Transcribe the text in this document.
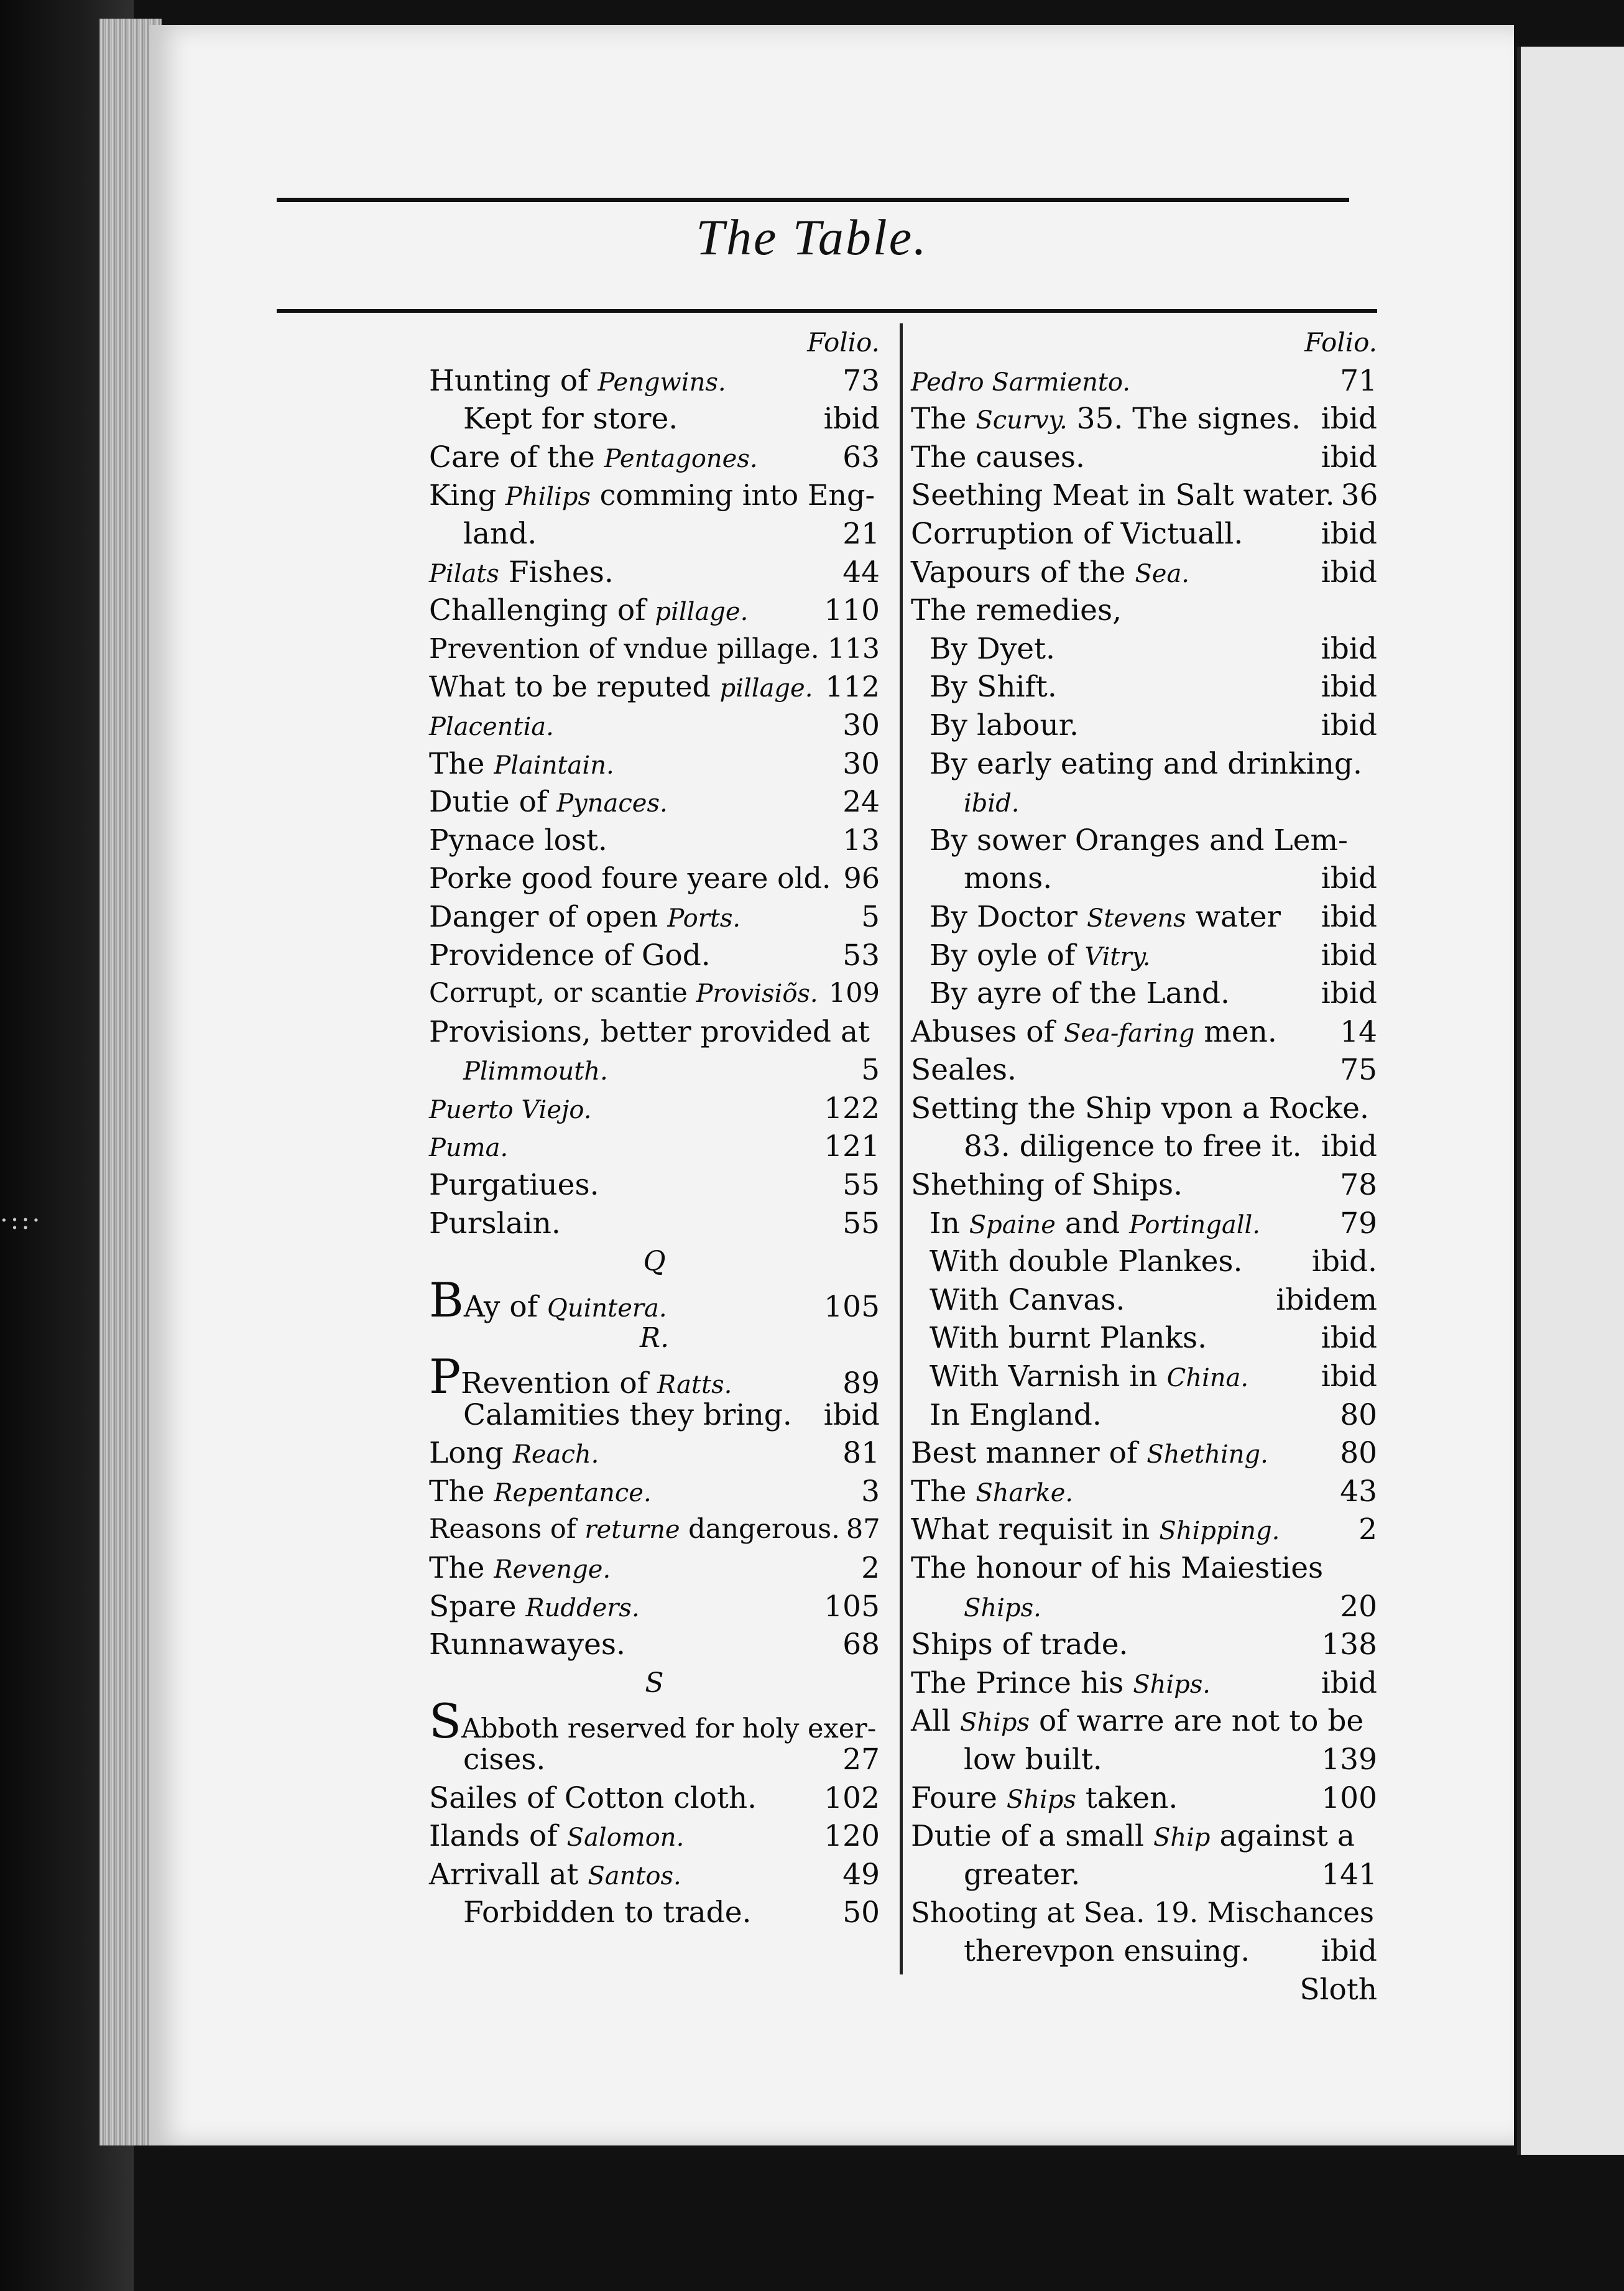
·::·
The Table.
Folio.
Hunting of Pengwins.	73
Kept for store.	ibid
Care of the Pentagones.	63
King Philips comming into Eng-
land.	21
Pilats Fishes.	44
Challenging of pillage.	110
Prevention of vndue pillage. 113
What to be reputed pillage. 112
Placentia.	30
The Plaintain.	30
Dutie of Pynaces.	24
Pynace lost.	13
Porke good foure yeare old. 96
Danger of open Ports.	5
Providence of God.	53
Corrupt, or scantie Provisiõs. 109
Provisions, better provided at
Plimmouth.	5
Puerto Viejo.	122
Puma.	121
Purgatiues.	55
Purslain.	55
Q
BAy of Quintera.	105
R.
PRevention of Ratts.	89
Calamities they bring. ibid
Long Reach.	81
The Repentance.	3
Reasons of returne dangerous. 87
The Revenge.	2
Spare Rudders.	105
Runnawayes.	68
S
SAbboth reserved for holy exer-
cises.	27
Sailes of Cotton cloth. 102
Ilands of Salomon.	120
Arrivall at Santos.	49
Forbidden to trade.	50
Folio.
Pedro Sarmiento.	71
The Scurvy. 35. The signes. ibid
The causes.	ibid
Seething Meat in Salt water. 36
Corruption of Victuall.	ibid
Vapours of the Sea.	ibid
The remedies,
By Dyet.	ibid
By Shift.	ibid
By labour.	ibid
By early eating and drinking.
ibid.
By sower Oranges and Lem-
mons.	ibid
By Doctor Stevens water ibid
By oyle of Vitry.	ibid
By ayre of the Land.	ibid
Abuses of Sea-faring men. 14
Seales.	75
Setting the Ship vpon a Rocke.
83. diligence to free it. ibid
Shething of Ships.	78
In Spaine and Portingall.	79
With double Plankes. ibid.
With Canvas.	ibidem
With burnt Planks.	ibid
With Varnish in China. ibid
In England.	80
Best manner of Shething. 80
The Sharke.	43
What requisit in Shipping.	2
The honour of his Maiesties
Ships.	20
Ships of trade.	138
The Prince his Ships.	ibid
All Ships of warre are not to be
low built.	139
Foure Ships taken.	100
Dutie of a small Ship against a
greater.	141
Shooting at Sea. 19. Mischances
therevpon ensuing. ibid
Sloth
